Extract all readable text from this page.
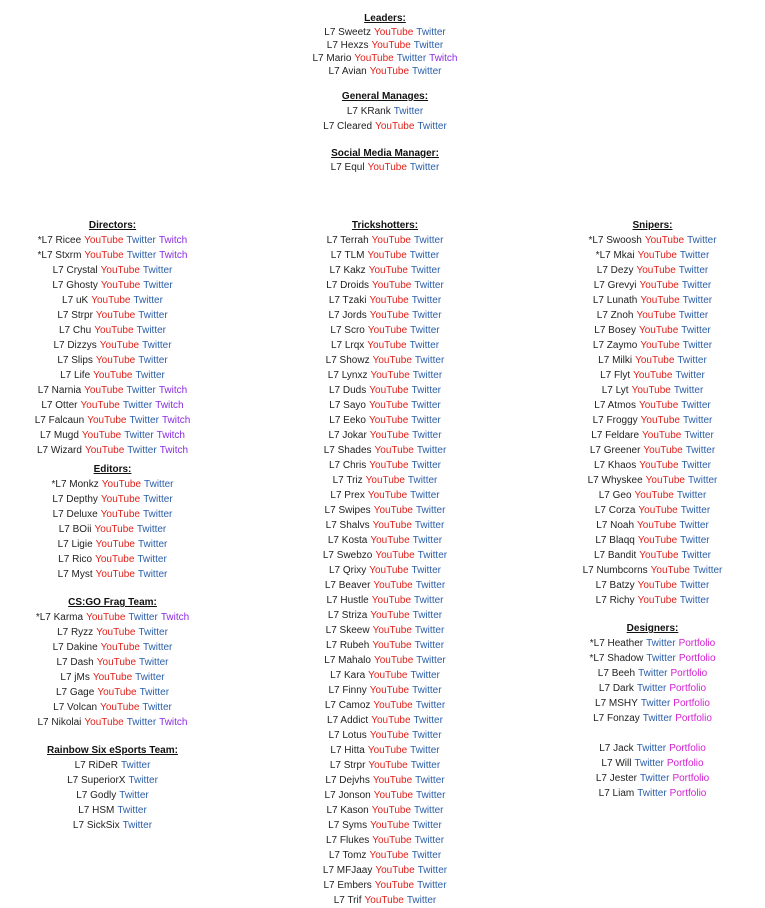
Leaders:
L7 Sweetz YouTube Twitter
L7 Hexzs YouTube Twitter
L7 Mario YouTube Twitter Twitch
L7 Avian YouTube Twitter
General Manages:
L7 KRank Twitter
L7 Cleared YouTube Twitter
Social Media Manager:
L7 Equl YouTube Twitter
Directors:
*L7 Ricee YouTube Twitter Twitch
*L7 Stxrm YouTube Twitter Twitch
L7 Crystal YouTube Twitter
L7 Ghosty YouTube Twitter
L7 uK YouTube Twitter
L7 Strpr YouTube Twitter
L7 Chu YouTube Twitter
L7 Dizzys YouTube Twitter
L7 Slips YouTube Twitter
L7 Life YouTube Twitter
L7 Narnia YouTube Twitter Twitch
L7 Otter YouTube Twitter Twitch
L7 Falcaun YouTube Twitter Twitch
L7 Mugd YouTube Twitter Twitch
L7 Wizard YouTube Twitter Twitch
Editors:
*L7 Monkz YouTube Twitter
L7 Depthy YouTube Twitter
L7 Deluxe YouTube Twitter
L7 BOii YouTube Twitter
L7 Ligie YouTube Twitter
L7 Rico YouTube Twitter
L7 Myst YouTube Twitter
CS:GO Frag Team:
*L7 Karma YouTube Twitter Twitch
L7 Ryzz YouTube Twitter
L7 Dakine YouTube Twitter
L7 Dash YouTube Twitter
L7 jMs YouTube Twitter
L7 Gage YouTube Twitter
L7 Volcan YouTube Twitter
L7 Nikolai YouTube Twitter Twitch
Rainbow Six eSports Team:
L7 RiDeR Twitter
L7 SuperiorX Twitter
L7 Godly Twitter
L7 HSM Twitter
L7 SickSix Twitter
Trickshotters:
L7 Terrah YouTube Twitter
L7 TLM YouTube Twitter
L7 Kakz YouTube Twitter
L7 Droids YouTube Twitter
L7 Tzaki YouTube Twitter
L7 Jords YouTube Twitter
L7 Scro YouTube Twitter
L7 Lrqx YouTube Twitter
L7 Showz YouTube Twitter
L7 Lynxz YouTube Twitter
L7 Duds YouTube Twitter
L7 Sayo YouTube Twitter
L7 Eeko YouTube Twitter
L7 Jokar YouTube Twitter
L7 Shades YouTube Twitter
L7 Chris YouTube Twitter
L7 Triz YouTube Twitter
L7 Prex YouTube Twitter
L7 Swipes YouTube Twitter
L7 Shalvs YouTube Twitter
L7 Kosta YouTube Twitter
L7 Swebzo YouTube Twitter
L7 Qrixy YouTube Twitter
L7 Beaver YouTube Twitter
L7 Hustle YouTube Twitter
L7 Striza YouTube Twitter
L7 Skeew YouTube Twitter
L7 Rubeh YouTube Twitter
L7 Mahalo YouTube Twitter
L7 Kara YouTube Twitter
L7 Finny YouTube Twitter
L7 Camoz YouTube Twitter
L7 Addict YouTube Twitter
L7 Lotus YouTube Twitter
L7 Hitta YouTube Twitter
L7 Strpr YouTube Twitter
L7 Dejvhs YouTube Twitter
L7 Jonson YouTube Twitter
L7 Kason YouTube Twitter
L7 Syms YouTube Twitter
L7 Flukes YouTube Twitter
L7 Tomz YouTube Twitter
L7 MFJaay YouTube Twitter
L7 Embers YouTube Twitter
L7 Trif YouTube Twitter
Snipers:
*L7 Swoosh YouTube Twitter
*L7 Mkai YouTube Twitter
L7 Dezy YouTube Twitter
L7 Grevyi YouTube Twitter
L7 Lunath YouTube Twitter
L7 Znoh YouTube Twitter
L7 Bosey YouTube Twitter
L7 Zaymo YouTube Twitter
L7 Milki YouTube Twitter
L7 Flyt YouTube Twitter
L7 Lyt YouTube Twitter
L7 Atmos YouTube Twitter
L7 Froggy YouTube Twitter
L7 Feldare YouTube Twitter
L7 Greener YouTube Twitter
L7 Khaos YouTube Twitter
L7 Whyskee YouTube Twitter
L7 Geo YouTube Twitter
L7 Corza YouTube Twitter
L7 Noah YouTube Twitter
L7 Blaqq YouTube Twitter
L7 Bandit YouTube Twitter
L7 Numbcorns YouTube Twitter
L7 Batzy YouTube Twitter
L7 Richy YouTube Twitter
Designers:
*L7 Heather Twitter Portfolio
*L7 Shadow Twitter Portfolio
L7 Beeh Twitter Portfolio
L7 Dark Twitter Portfolio
L7 MSHY Twitter Portfolio
L7 Fonzay Twitter Portfolio
L7 Jack Twitter Portfolio
L7 Will Twitter Portfolio
L7 Jester Twitter Portfolio
L7 Liam Twitter Portfolio
